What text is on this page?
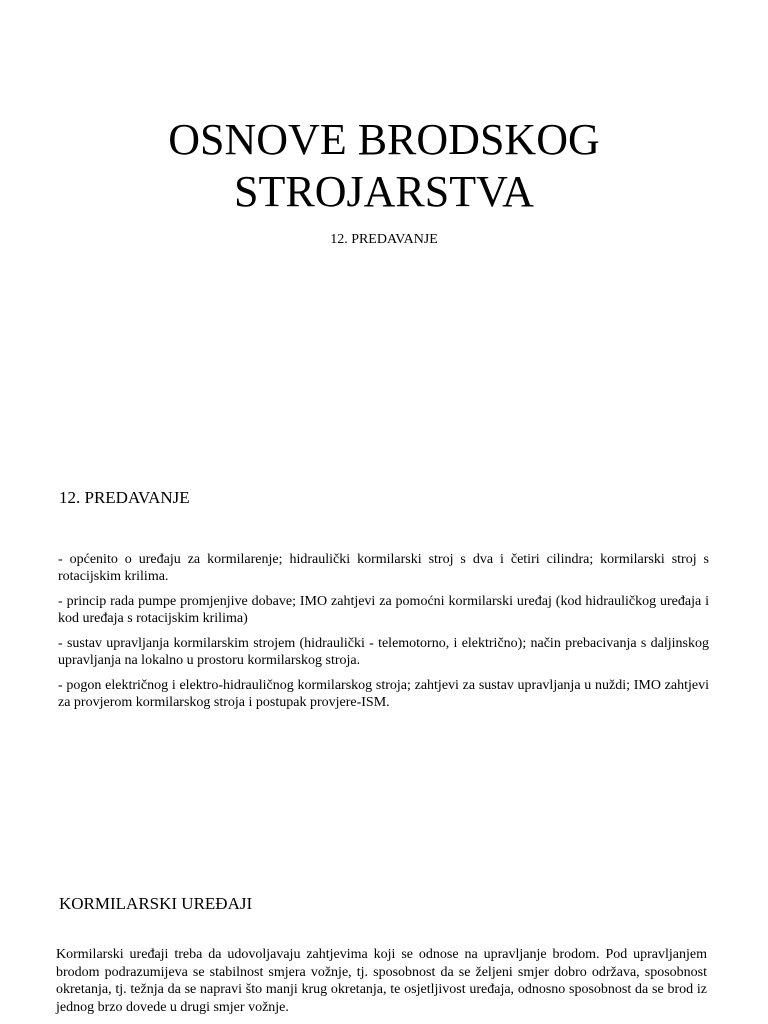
OSNOVE BRODSKOG
STROJARSTVA

12. PREDAVANJE

12. PREDAVANJE
- općenito o uređaju za kormilarenje; hidraulički kormilarski stroj s dva i četiri cilindra; kormilarski stroj s rotacijskim krilima.
- princip rada pumpe promjenjive dobave; IMO zahtjevi za pomoćni kormilarski uređaj (kod hidrauličkog uređaja i kod uređaja s rotacijskim krilima)
- sustav upravljanja kormilarskim strojem (hidraulički - telemotorno, i električno); način prebacivanja s daljinskog upravljanja na lokalno u prostoru kormilarskog stroja.
- pogon električnog i elektro-hidrauličnog kormilarskog stroja; zahtjevi za sustav upravljanja u nuždi; IMO zahtjevi za provjerom kormilarskog stroja i postupak provjere-ISM.
KORMILARSKI UREĐAJI

Kormilarski uređaji treba da udovoljavaju zahtjevima koji se odnose na upravljanje brodom. Pod upravljanjem brodom podrazumijeva se stabilnost smjera vožnje, tj. sposobnost da se željeni smjer dobro održava, sposobnost okretanja, tj. težnja da se napravi što manji krug okretanja, te osjetljivost uređaja, odnosno sposobnost da se brod iz jednog brzo dovede u drugi smjer vožnje.
